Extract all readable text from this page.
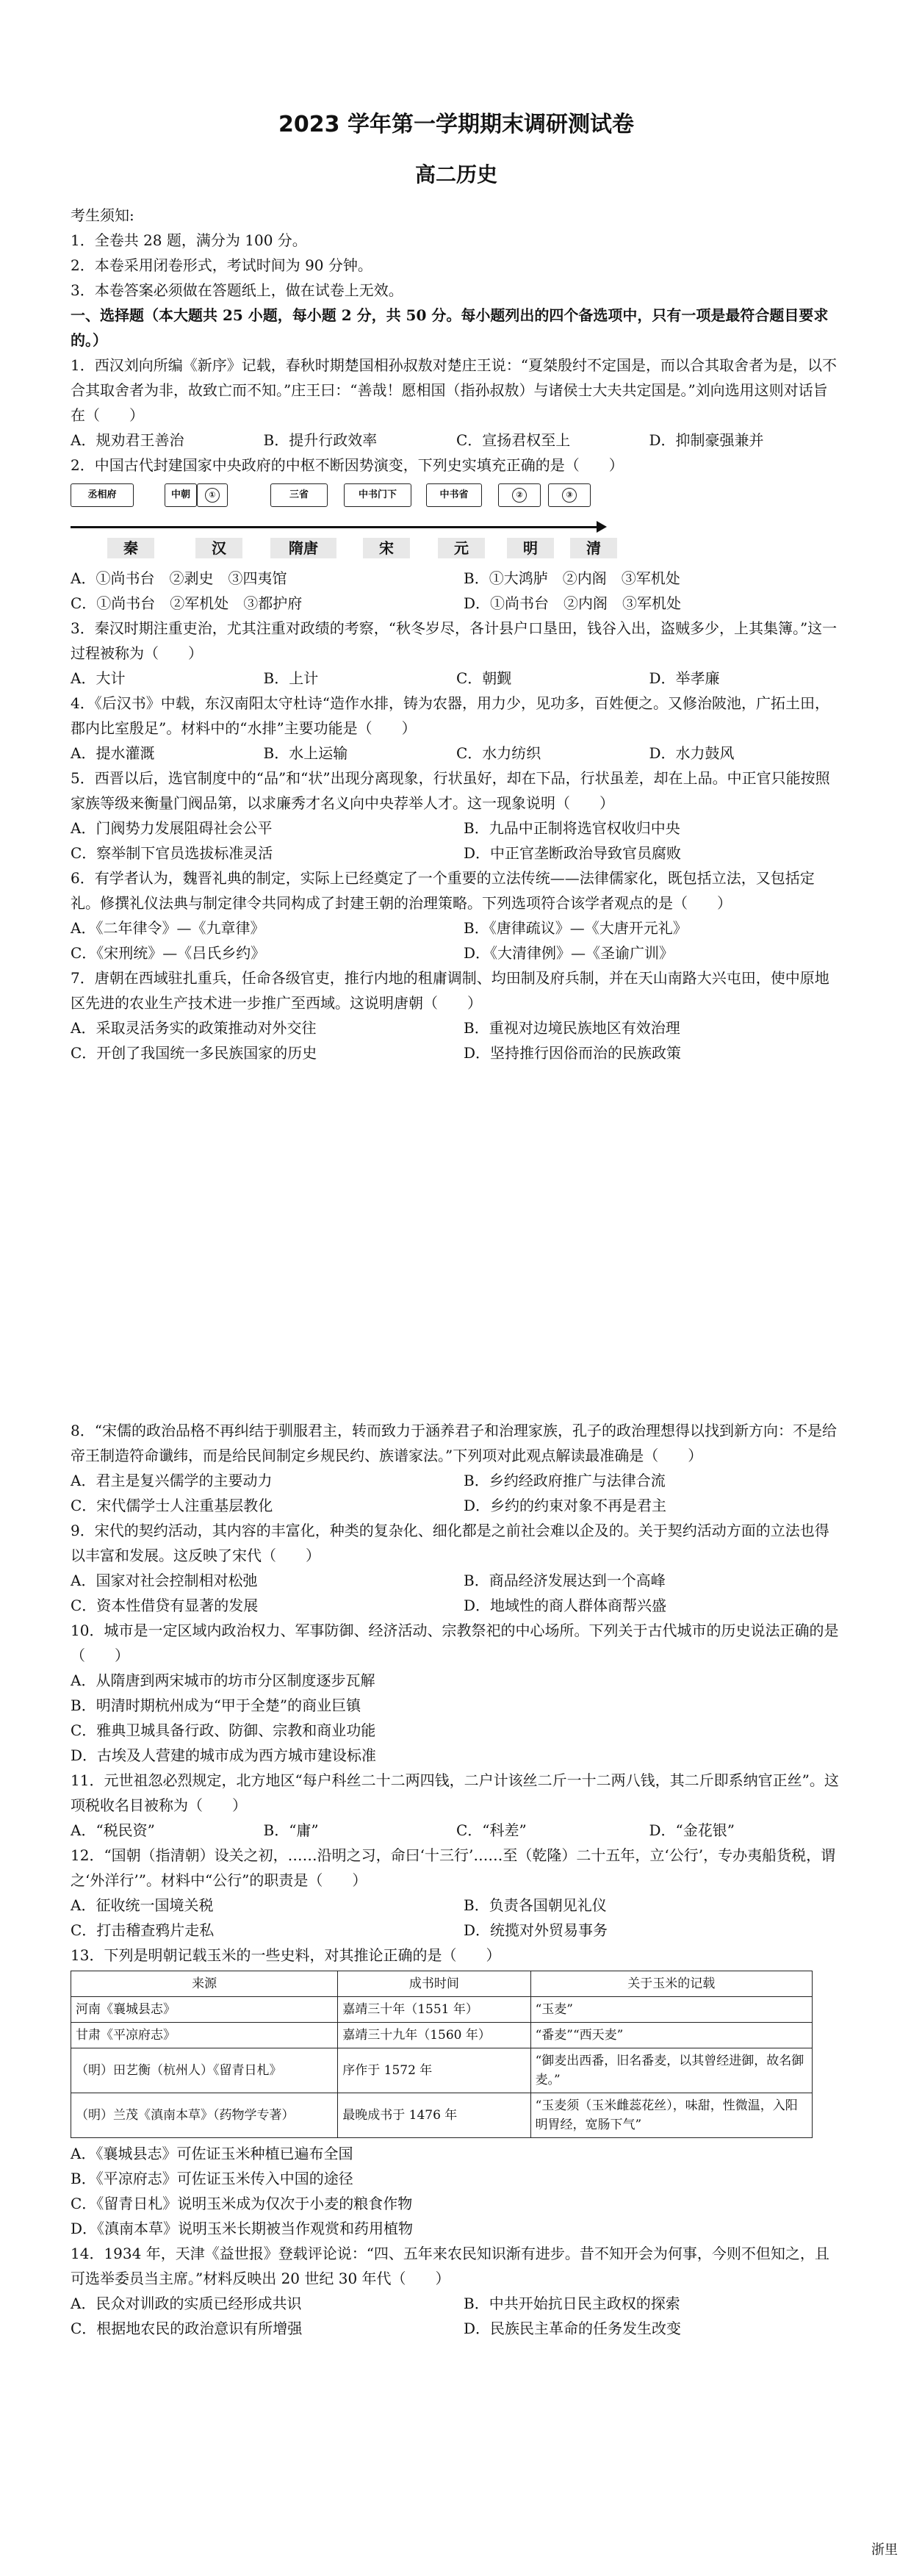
2023 学年第一学期期末调研测试卷
高二历史

考生须知:

1．全卷共 28 题，满分为 100 分。

2．本卷采用闭卷形式，考试时间为 90 分钟。

3．本卷答案必须做在答题纸上，做在试卷上无效。

一、选择题（本大题共 25 小题，每小题 2 分，共 50 分。每小题列出的四个备选项中，只有一项是最符合题目要求的。）

1．西汉刘向所编《新序》记载，春秋时期楚国相孙叔敖对楚庄王说：“夏桀殷纣不定国是，而以合其取舍者为是，以不合其取舍者为非，故致亡而不知。”庄王曰：“善哉！愿相国（指孙叔敖）与诸侯士大夫共定国是。”刘向选用这则对话旨在（　　）

A．规劝君王善治	B．提升行政效率	C．宣扬君权至上	D．抑制豪强兼并

2．中国古代封建国家中央政府的中枢不断因势演变，下列史实填充正确的是（　　）

丞相府	中朝	①	三省	中书门下	中书省	②	③
秦	汉	隋唐	宋	元	明	清

A．①尚书台　②剥史　③四夷馆	B．①大鸿胪　②内阁　③军机处

C．①尚书台　②军机处　③都护府	D．①尚书台　②内阁　③军机处

3．秦汉时期注重吏治，尤其注重对政绩的考察，“秋冬岁尽，各计县户口垦田，钱谷入出，盗贼多少，上其集簿。”这一过程被称为（　　）

A．大计	B．上计	C．朝觐	D．举孝廉

4．《后汉书》中载，东汉南阳太守杜诗“造作水排，铸为农器，用力少，见功多，百姓便之。又修治陂池，广拓土田，郡内比室殷足”。材料中的“水排”主要功能是（　　）

A．提水灌溉	B．水上运输	C．水力纺织	D．水力鼓风

5．西晋以后，选官制度中的“品”和“状”出现分离现象，行状虽好，却在下品，行状虽差，却在上品。中正官只能按照家族等级来衡量门阀品第，以求廉秀才名义向中央荐举人才。这一现象说明（　　）

A．门阀势力发展阻碍社会公平	B．九品中正制将选官权收归中央

C．察举制下官员选拔标准灵活	D．中正官垄断政治导致官员腐败

6．有学者认为，魏晋礼典的制定，实际上已经奠定了一个重要的立法传统——法律儒家化，既包括立法，又包括定礼。修撰礼仪法典与制定律令共同构成了封建王朝的治理策略。下列选项符合该学者观点的是（　　）

A．《二年律令》—《九章律》	B．《唐律疏议》—《大唐开元礼》

C．《宋刑统》—《吕氏乡约》	D．《大清律例》—《圣谕广训》

7．唐朝在西域驻扎重兵，任命各级官吏，推行内地的租庸调制、均田制及府兵制，并在天山南路大兴屯田，使中原地区先进的农业生产技术进一步推广至西域。这说明唐朝（　　）

A．采取灵活务实的政策推动对外交往	B．重视对边境民族地区有效治理

C．开创了我国统一多民族国家的历史	D．坚持推行因俗而治的民族政策

8．“宋儒的政治品格不再纠结于驯服君主，转而致力于涵养君子和治理家族，孔子的政治理想得以找到新方向：不是给帝王制造符命谶纬，而是给民间制定乡规民约、族谱家法。”下列项对此观点解读最准确是（　　）

A．君主是复兴儒学的主要动力	B．乡约经政府推广与法律合流

C．宋代儒学士人注重基层教化	D．乡约的约束对象不再是君主

9．宋代的契约活动，其内容的丰富化，种类的复杂化、细化都是之前社会难以企及的。关于契约活动方面的立法也得以丰富和发展。这反映了宋代（　　）

A．国家对社会控制相对松弛	B．商品经济发展达到一个高峰

C．资本性借贷有显著的发展	D．地域性的商人群体商帮兴盛

10．城市是一定区域内政治权力、军事防御、经济活动、宗教祭祀的中心场所。下列关于古代城市的历史说法正确的是（　　）

A．从隋唐到两宋城市的坊市分区制度逐步瓦解

B．明清时期杭州成为“甲于全楚”的商业巨镇

C．雅典卫城具备行政、防御、宗教和商业功能

D．古埃及人营建的城市成为西方城市建设标准

11．元世祖忽必烈规定，北方地区“每户科丝二十二两四钱，二户计该丝二斤一十二两八钱，其二斤即系纳官正丝”。这项税收名目被称为（　　）

A．“税民资”	B．“庸”	C．“科差”	D．“金花银”

12．“国朝（指清朝）设关之初，……沿明之习，命曰‘十三行’……至（乾隆）二十五年，立‘公行’，专办夷船货税，谓之‘外洋行’”。材料中“公行”的职责是（　　）

A．征收统一国境关税	B．负责各国朝见礼仪

C．打击稽查鸦片走私	D．统揽对外贸易事务

13．下列是明朝记载玉米的一些史料，对其推论正确的是（　　）

来源	成书时间	关于玉米的记载
河南《襄城县志》	嘉靖三十年（1551 年）	“玉麦”
甘肃《平凉府志》	嘉靖三十九年（1560 年）	“番麦”“西天麦”
（明）田艺衡（杭州人）《留青日札》	序作于 1572 年	“御麦出西番，旧名番麦，以其曾经进御，故名御麦。”
（明）兰茂《滇南本草》（药物学专著）	最晚成书于 1476 年	“玉麦须（玉米雌蕊花丝），味甜，性微温，入阳明胃经，宽肠下气”

A．《襄城县志》可佐证玉米种植已遍布全国

B．《平凉府志》可佐证玉米传入中国的途径

C．《留青日札》说明玉米成为仅次于小麦的粮食作物

D．《滇南本草》说明玉米长期被当作观赏和药用植物

14．1934 年，天津《益世报》登载评论说：“四、五年来农民知识渐有进步。昔不知开会为何事，今则不但知之，且可选举委员当主席。”材料反映出 20 世纪 30 年代（　　）

A．民众对训政的实质已经形成共识	B．中共开始抗日民主政权的探索

C．根据地农民的政治意识有所增强	D．民族民主革命的任务发生改变

浙里
